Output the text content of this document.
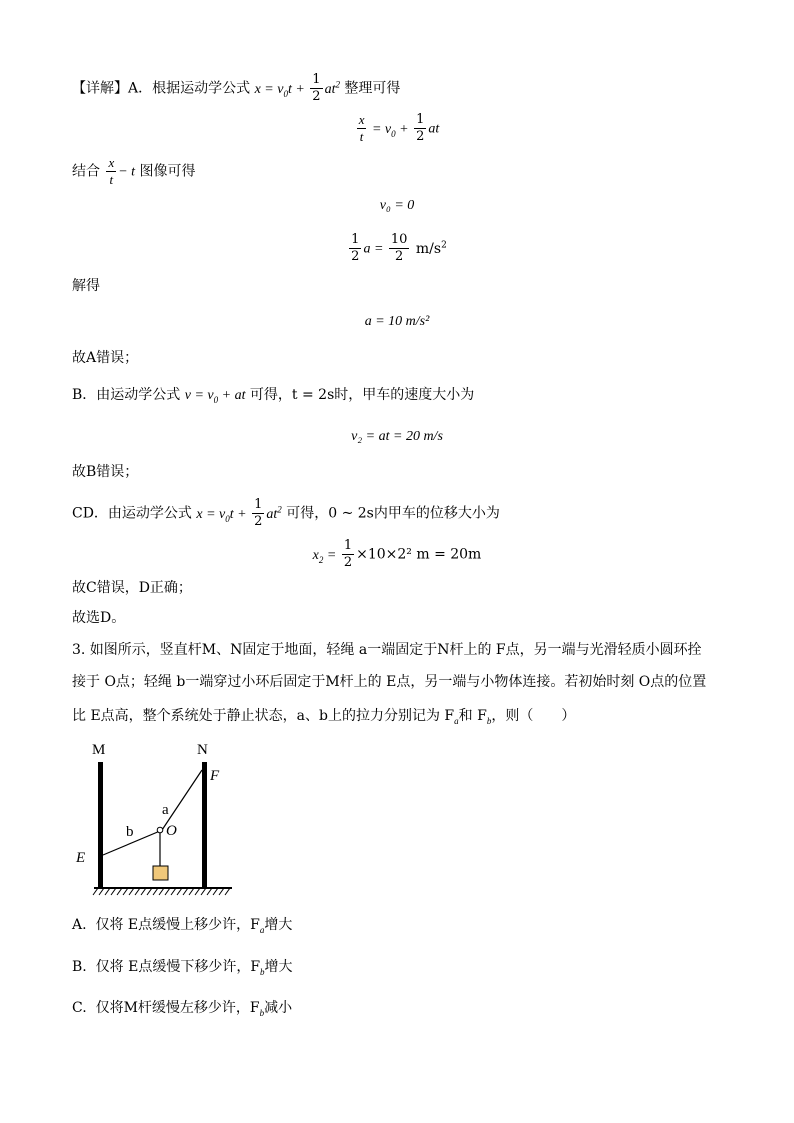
【详解】A．根据运动学公式 $x = v_0t + \frac{1}{2} at^2$ 整理可得
$\frac{x}{t} = v_0 + \frac{1}{2}$ at
结合 $\frac{x}{t} - t$ 图像可得
v₀ = 0
$\frac{1}{2}$ $a = \frac{10}{2} m/s^2$
解得
a = 10 m/s²
故A错误；
B．由运动学公式 $v = v_0$ + at 可得，t = 2s时，甲车的速度大小为
v₂ = at = 20 m/s
故B错误；
CD．由运动学公式 $x = v_0t + \frac{1}{2} at^2$ 可得，0 ~ 2s内甲车的位移大小为
$x_2 = \frac{1}{2} \times 10\times 2^2$ m = 20m
故C错误，D正确；
故选D。
3. 如图所示，竖直杆M、N固定于地面，轻绳 a一端固定于N杆上的 F点，另一端与光滑轻质小圆环拴
接于 O点；轻绳 b一端穿过小环后固定于M杆上的 E点，另一端与小物体连接。若初始时刻 O点的位置
比 E点高，整个系统处于静止状态，a、b上的拉力分别记为 $F_a$和 $F_b$，则（　　）
M	N
F
a
b O
E
A. 仅将 E点缓慢上移少许，$F_a$增大
B. 仅将 E点缓慢下移少许，$F_b$增大
C. 仅将M杆缓慢左移少许，$F_b$减小
